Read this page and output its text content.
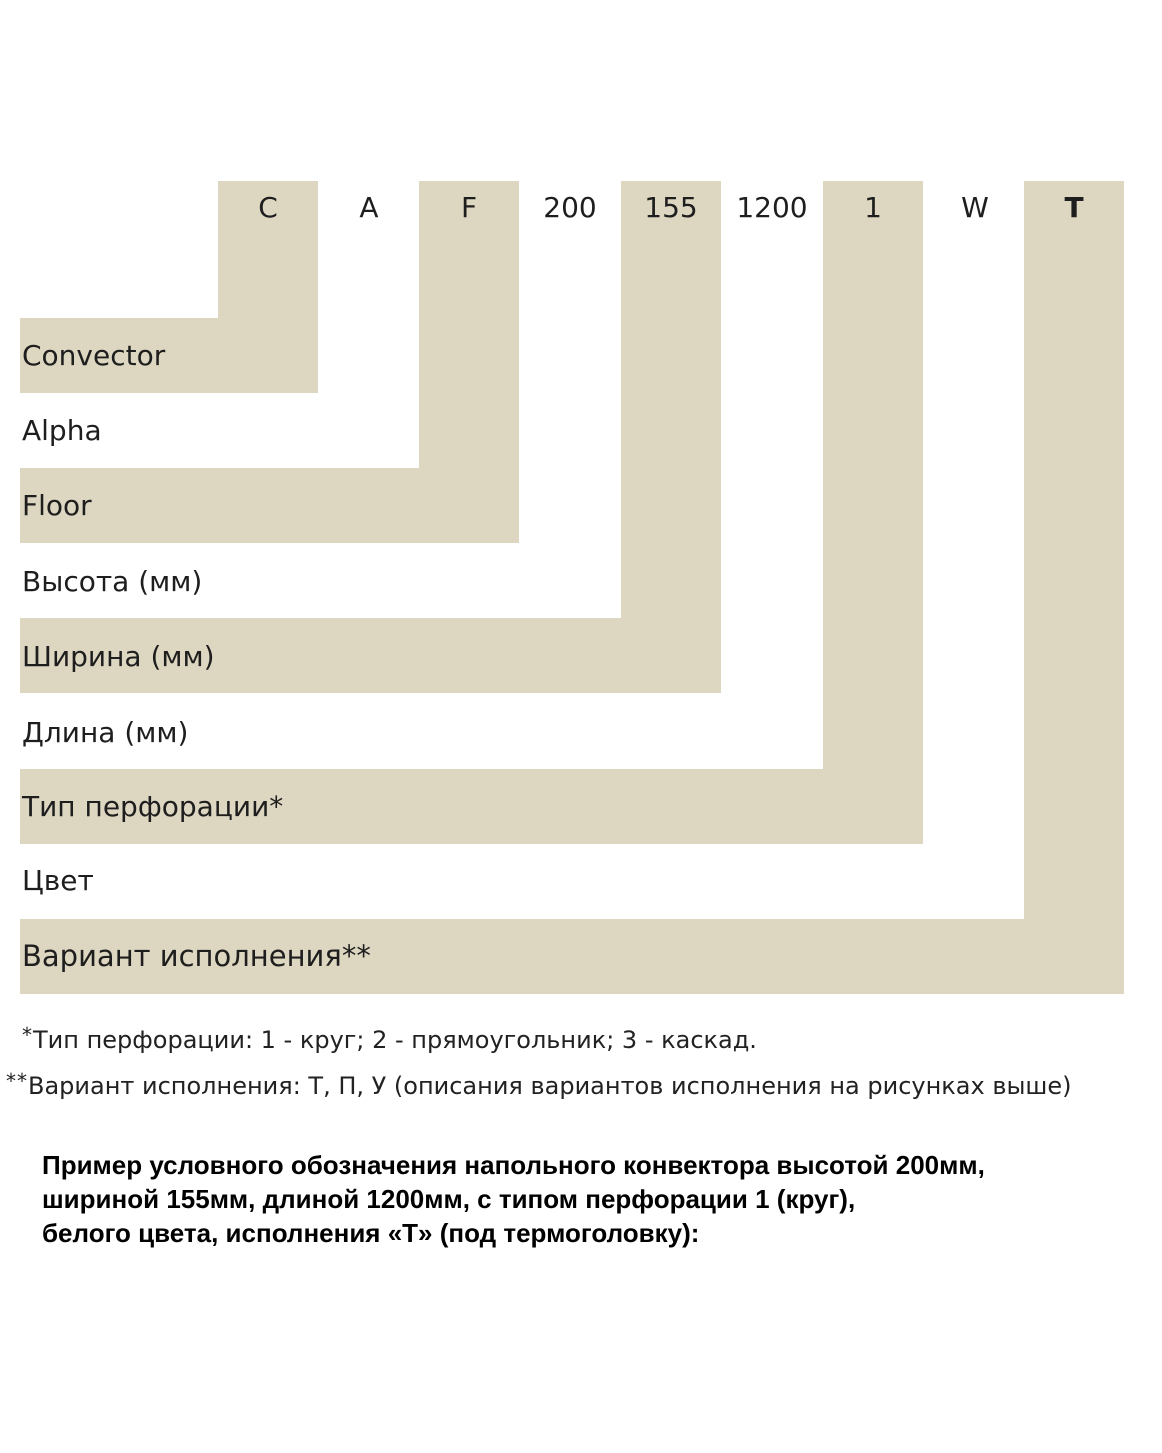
C	A	F	200	155	1200	1	W	T
Convector
Alpha
Floor
Высота (мм)
Ширина (мм)
Длина (мм)
Тип перфорации*
Цвет
Вариант исполнения**
*Тип перфорации: 1 - круг; 2 - прямоугольник; 3 - каскад.
**Вариант исполнения: Т, П, У (описания вариантов исполнения на рисунках выше)
Пример условного обозначения напольного конвектора высотой 200мм,
шириной 155мм, длиной 1200мм, с типом перфорации 1 (круг),
белого цвета, исполнения «Т» (под термоголовку):
